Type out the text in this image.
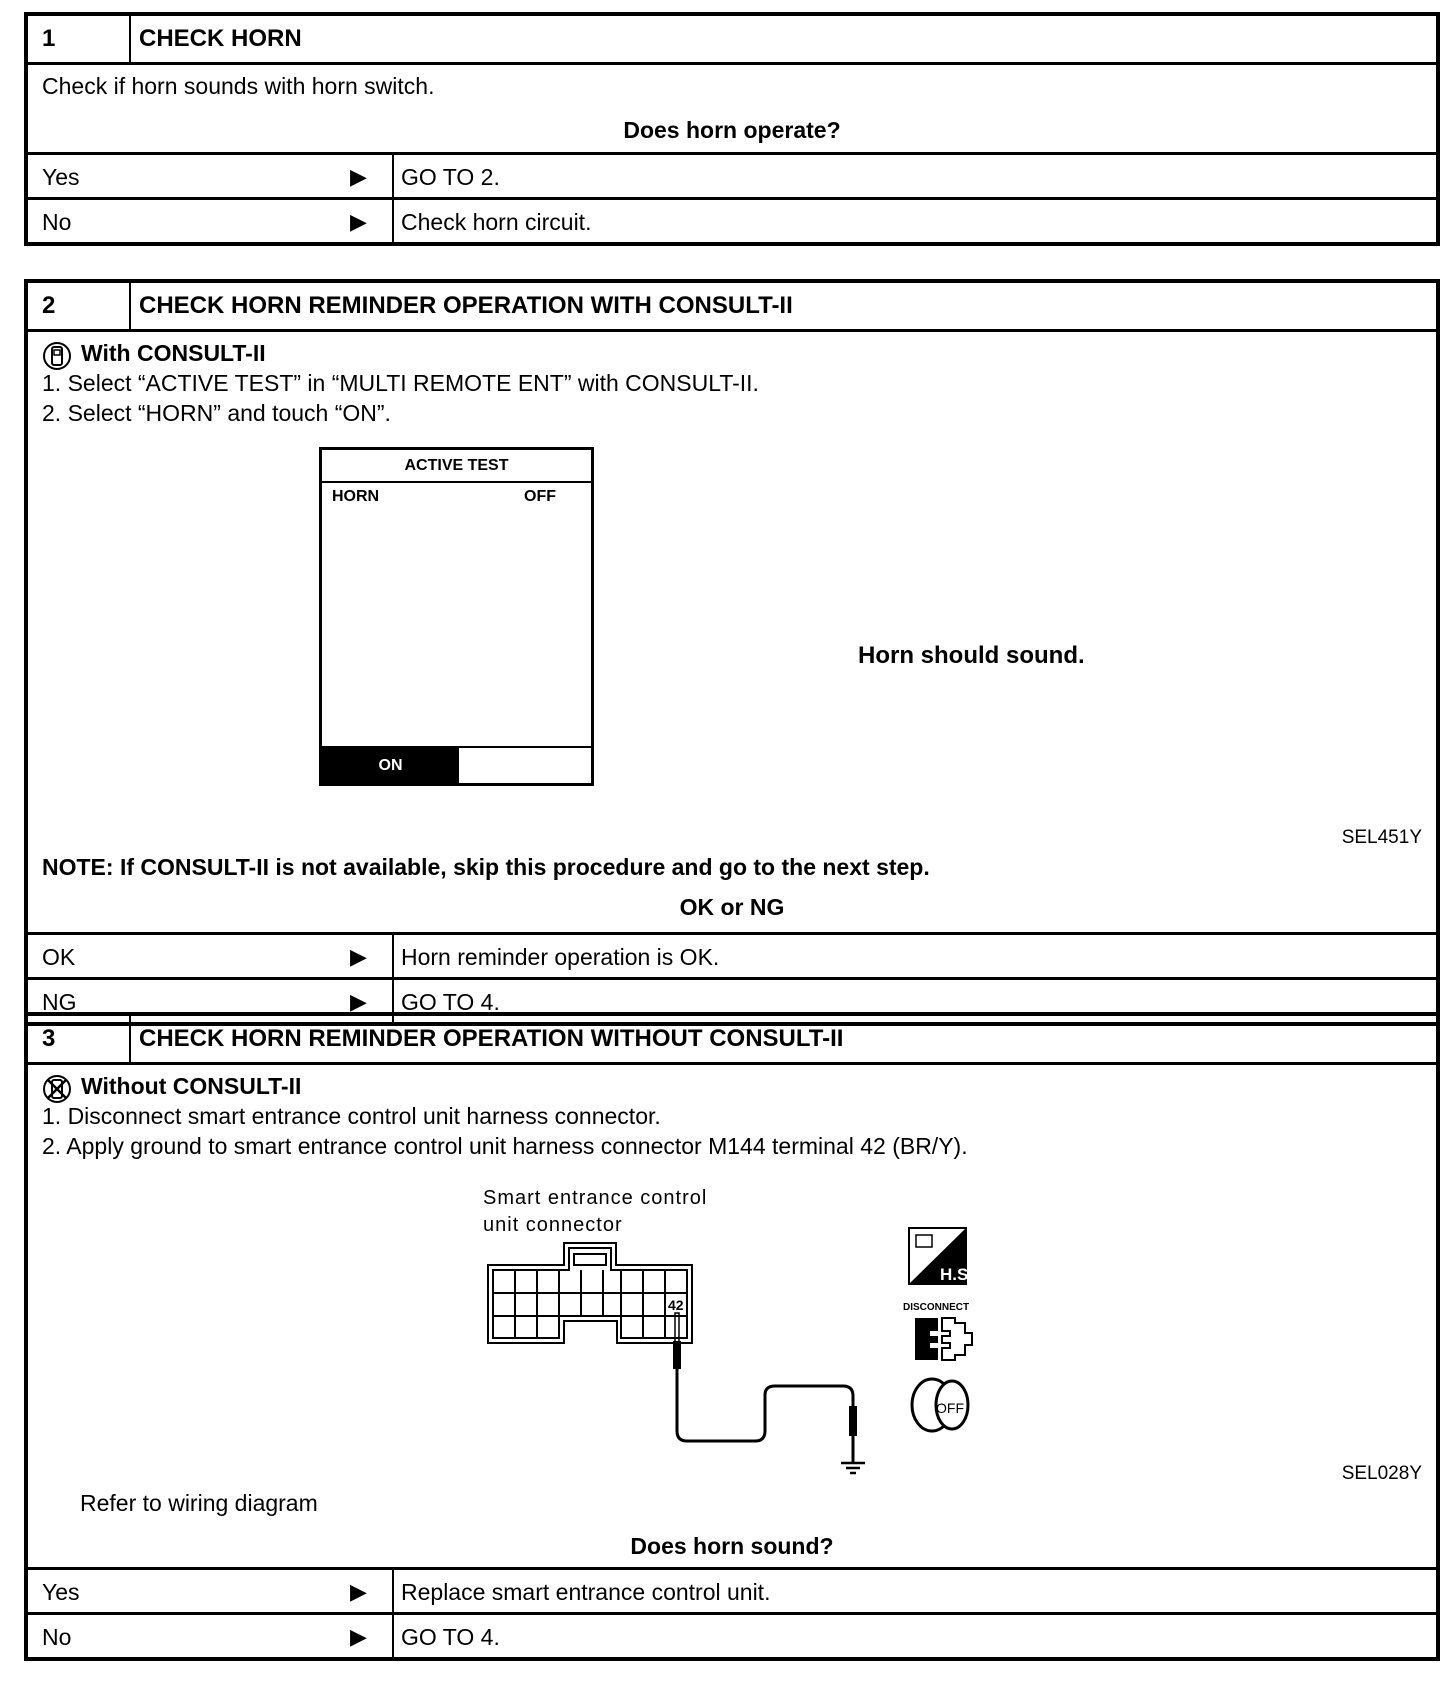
1	CHECK HORN
Check if horn sounds with horn switch.
Does horn operate?
Yes	▶	GO TO 2.
No	▶	Check horn circuit.
2	CHECK HORN REMINDER OPERATION WITH CONSULT-II
With CONSULT-II
1. Select “ACTIVE TEST” in “MULTI REMOTE ENT” with CONSULT-II.
2. Select “HORN” and touch “ON”.
ACTIVE TEST
HORN	OFF
ON
Horn should sound.
SEL451Y
NOTE: If CONSULT-II is not available, skip this procedure and go to the next step.
OK or NG
OK	▶	Horn reminder operation is OK.
NG	▶	GO TO 4.
3	CHECK HORN REMINDER OPERATION WITHOUT CONSULT-II
Without CONSULT-II
1. Disconnect smart entrance control unit harness connector.
2. Apply ground to smart entrance control unit harness connector M144 terminal 42 (BR/Y).
Smart entrance control
unit connector
42
H.S.
DISCONNECT
OFF
SEL028Y
Refer to wiring diagram
Does horn sound?
Yes	▶	Replace smart entrance control unit.
No	▶	GO TO 4.
